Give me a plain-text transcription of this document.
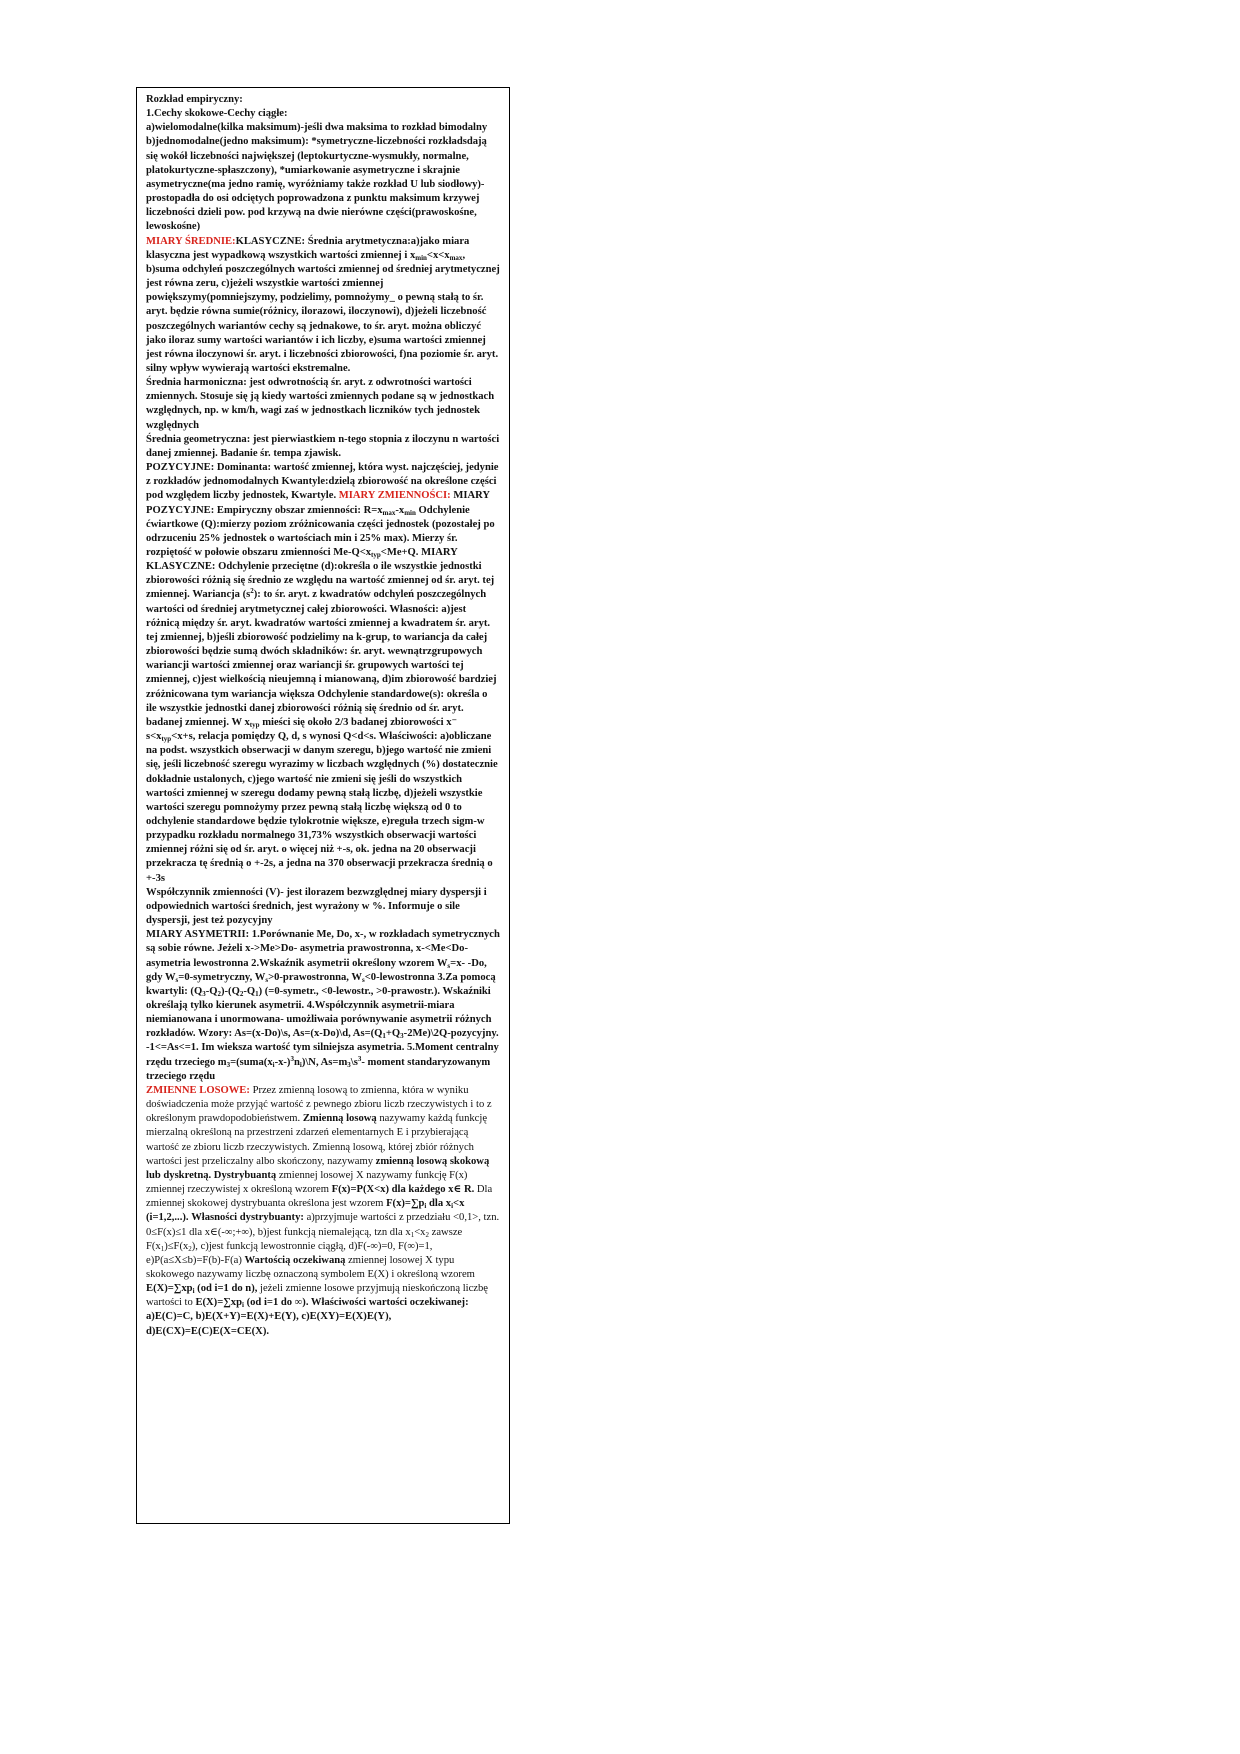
Rozkład empiryczny:
1.Cechy skokowe-Cechy ciągłe:
a)wielomodalne(kilka maksimum)-jeśli dwa maksima to rozkład bimodalny b)jednomodalne(jedno maksimum): *symetryczne-liczebności rozkładsdają się wokół liczebności największej (leptokurtyczne-wysmukły, normalne, platokurtyczne-spłaszczony), *umiarkowanie asymetryczne i skrajnie asymetryczne(ma jedno ramię, wyróżniamy także rozkład U lub siodłowy)-prostopadła do osi odciętych poprowadzona z punktu maksimum krzywej liczebności dzieli pow. pod krzywą na dwie nierówne części(prawoskośne, lewoskośne)
MIARY ŚREDNIE:KLASYCZNE: Średnia arytmetyczna:a)jako miara klasyczna jest wypadkową wszystkich wartości zmiennej i $x_{min}<x<x_{max}$, b)suma odchyleń poszczególnych wartości zmiennej od średniej arytmetycznej jest równa zeru, c)jeżeli wszystkie wartości zmiennej powiększymy(pomniejszymy, podzielimy, pomnożymy_ o pewną stałą to śr. aryt. będzie równa sumie(różnicy, ilorazowi, iloczynowi), d)jeżeli liczebność poszczególnych wariantów cechy są jednakowe, to śr. aryt. można obliczyć jako iloraz sumy wartości wariantów i ich liczby, e)suma wartości zmiennej jest równa iloczynowi śr. aryt. i liczebności zbiorowości, f)na poziomie śr. aryt. silny wpływ wywierają wartości ekstremalne.
Średnia harmoniczna: jest odwrotnością śr. aryt. z odwrotności wartości zmiennych. Stosuje się ją kiedy wartości zmiennych podane są w jednostkach względnych, np. w km/h, wagi zaś w jednostkach liczników tych jednostek względnych
Średnia geometryczna: jest pierwiastkiem n-tego stopnia z iloczynu n wartości danej zmiennej. Badanie śr. tempa zjawisk.
POZYCYJNE: Dominanta: wartość zmiennej, która wyst. najczęściej, jedynie z rozkładów jednomodalnych Kwantyle:dzielą zbiorowość na określone części pod względem liczby jednostek, Kwartyle. MIARY ZMIENNOŚCI: MIARY POZYCYJNE: Empiryczny obszar zmienności: $R=x_{max}-x_{min}$ Odchylenie ćwiartkowe (Q):mierzy poziom zróżnicowania części jednostek (pozostałej po odrzuceniu 25% jednostek o wartościach min i 25% max). Mierzy śr. rozpiętość w połowie obszaru zmienności $Me-Q<x_{typ}<Me+Q$. MIARY KLASYCZNE: Odchylenie przeciętne (d):określa o ile wszystkie jednostki zbiorowości różnią się średnio ze względu na wartość zmiennej od śr. aryt. tej zmiennej. Wariancja $(s^2)$: to śr. aryt. z kwadratów odchyleń poszczególnych wartości od średniej arytmetycznej całej zbiorowości. Własności: a)jest różnicą między śr. aryt. kwadratów wartości zmiennej a kwadratem śr. aryt. tej zmiennej, b)jeśli zbiorowość podzielimy na k-grup, to wariancja da całej zbiorowości będzie sumą dwóch składników: śr. aryt. wewnątrzgrupowych wariancji wartości zmiennej oraz wariancji śr. grupowych wartości tej zmiennej, c)jest wielkością nieujemną i mianowaną, d)im zbiorowość bardziej zróżnicowana tym wariancja większa Odchylenie standardowe(s): określa o ile wszystkie jednostki danej zbiorowości różnią się średnio od śr. aryt. badanej zmiennej. W $x_{typ}$ mieści się około 2/3 badanej zbiorowości x⁻ $s<x_{typ}<x+s$, relacja pomiędzy Q, d, s wynosi Q<d<s. Właściwości: a)obliczane na podst. wszystkich obserwacji w danym szeregu, b)jego wartość nie zmieni się, jeśli liczebność szeregu wyrazimy w liczbach względnych (%) dostatecznie dokładnie ustalonych, c)jego wartość nie zmieni się jeśli do wszystkich wartości zmiennej w szeregu dodamy pewną stałą liczbę, d)jeżeli wszystkie wartości szeregu pomnożymy przez pewną stałą liczbę większą od 0 to odchylenie standardowe będzie tylokrotnie większe, e)reguła trzech sigm-w przypadku rozkładu normalnego 31,73% wszystkich obserwacji wartości zmiennej różni się od śr. aryt. o więcej niż +-s, ok. jedna na 20 obserwacji przekracza tę średnią o +-2s, a jedna na 370 obserwacji przekracza średnią o +-3s
Współczynnik zmienności (V)- jest ilorazem bezwzględnej miary dyspersji i odpowiednich wartości średnich, jest wyrażony w %. Informuje o sile dyspersji, jest też pozycyjny
MIARY ASYMETRII: 1.Porównanie Me, Do, x-, w rozkładach symetrycznych są sobie równe. Jeżeli x->Me>Do- asymetria prawostronna, x-<Me<Do- asymetria lewostronna 2.Wskaźnik asymetrii określony wzorem $W_s=x-$ -Do, gdy $W_s=0$-symetryczny, $W_s>0$-prawostronna, $W_s<0$-lewostronna 3.Za pomocą kwartyli: $(Q_3-Q_2)-(Q_2-Q_1)$ (=0-symetr., <0-lewostr., >0-prawostr.). Wskaźniki określają tylko kierunek asymetrii. 4.Współczynnik asymetrii-miara niemianowana i unormowana- umożliwaia porównywanie asymetrii różnych rozkładów. Wzory: As=(x-Do)\s, As=(x-Do)\d, $As=(Q_1+Q_3-2Me)\backslash 2Q$-pozycyjny. -1<=As<=1. Im wieksza wartość tym silniejsza asymetria. 5.Moment centralny rzędu trzeciego $m_3=(suma(x_i-x-)^3n_i)\backslash N$, $As=m_3\backslash s^3-$ moment standaryzowanym trzeciego rzędu
ZMIENNE LOSOWE: Przez zmienną losową to zmienna, która w wyniku doświadczenia może przyjąć wartość z pewnego zbioru liczb rzeczywistych i to z określonym prawdopodobieństwem. Zmienną losową nazywamy każdą funkcję mierzalną określoną na przestrzeni zdarzeń elementarnych E i przybierającą wartość ze zbioru liczb rzeczywistych. Zmienną losową, której zbiór różnych wartości jest przeliczalny albo skończony, nazywamy zmienną losową skokową lub dyskretną. Dystrybuantą zmiennej losowej X nazywamy funkcję F(x) zmiennej rzeczywistej x określoną wzorem F(x)=P(X<x) dla każdego x∈ R. Dla zmiennej skokowej dystrybuanta określona jest wzorem $F(x)=\sum p_i$ dla $x_i<x$ (i=1,2,...). Własności dystrybuanty: a)przyjmuje wartości z przedziału <0,1>, tzn. 0≤F(x)≤1 dla x∈(-∞;+∞), b)jest funkcją niemalejącą, tzn dla $x_1<x_2$ zawsze $F(x_1)\le F(x_2)$, c)jest funkcją lewostronnie ciągłą, d)F(-∞)=0, F(∞)=1, e)P(a≤X≤b)=F(b)-F(a) Wartością oczekiwaną zmiennej losowej X typu skokowego nazywamy liczbę oznaczoną symbolem E(X) i określoną wzorem $E(X)=\sum xp_i$ (od i=1 do n), jeżeli zmienne losowe przyjmują nieskończoną liczbę wartości to $E(X)=\sum xp_i$ (od i=1 do ∞). Właściwości wartości oczekiwanej: a)E(C)=C, b)E(X+Y)=E(X)+E(Y), c)E(XY)=E(X)E(Y), d)E(CX)=E(C)E(X=CE(X).
